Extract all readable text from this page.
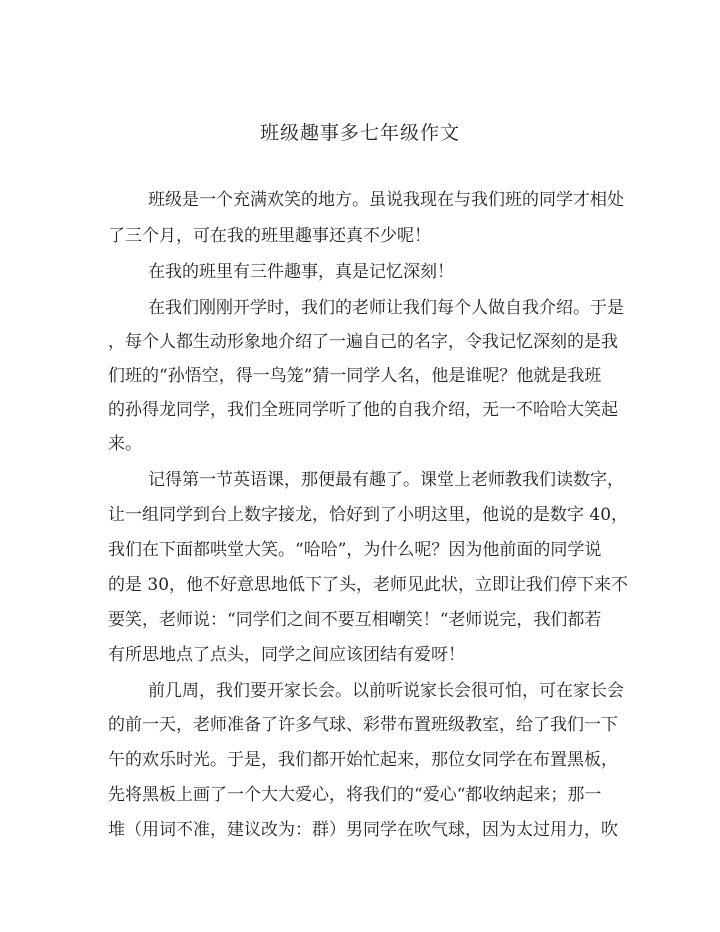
班级趣事多七年级作文
班级是一个充满欢笑的地方。虽说我现在与我们班的同学才相处
了三个月，可在我的班里趣事还真不少呢！
在我的班里有三件趣事，真是记忆深刻！
在我们刚刚开学时，我们的老师让我们每个人做自我介绍。于是
，每个人都生动形象地介绍了一遍自己的名字，令我记忆深刻的是我
们班的“孙悟空，得一鸟笼”猜一同学人名，他是谁呢？他就是我班
的孙得龙同学，我们全班同学听了他的自我介绍，无一不哈哈大笑起
来。
记得第一节英语课，那便最有趣了。课堂上老师教我们读数字，
让一组同学到台上数字接龙，恰好到了小明这里，他说的是数字 40，
我们在下面都哄堂大笑。“哈哈”，为什么呢？因为他前面的同学说
的是 30，他不好意思地低下了头，老师见此状，立即让我们停下来不
要笑，老师说：“同学们之间不要互相嘲笑！“老师说完，我们都若
有所思地点了点头，同学之间应该团结有爱呀！
前几周，我们要开家长会。以前听说家长会很可怕，可在家长会
的前一天，老师准备了许多气球、彩带布置班级教室，给了我们一下
午的欢乐时光。于是，我们都开始忙起来，那位女同学在布置黑板，
先将黑板上画了一个大大爱心，将我们的“爱心“都收纳起来；那一
堆（用词不准，建议改为：群）男同学在吹气球，因为太过用力，吹
